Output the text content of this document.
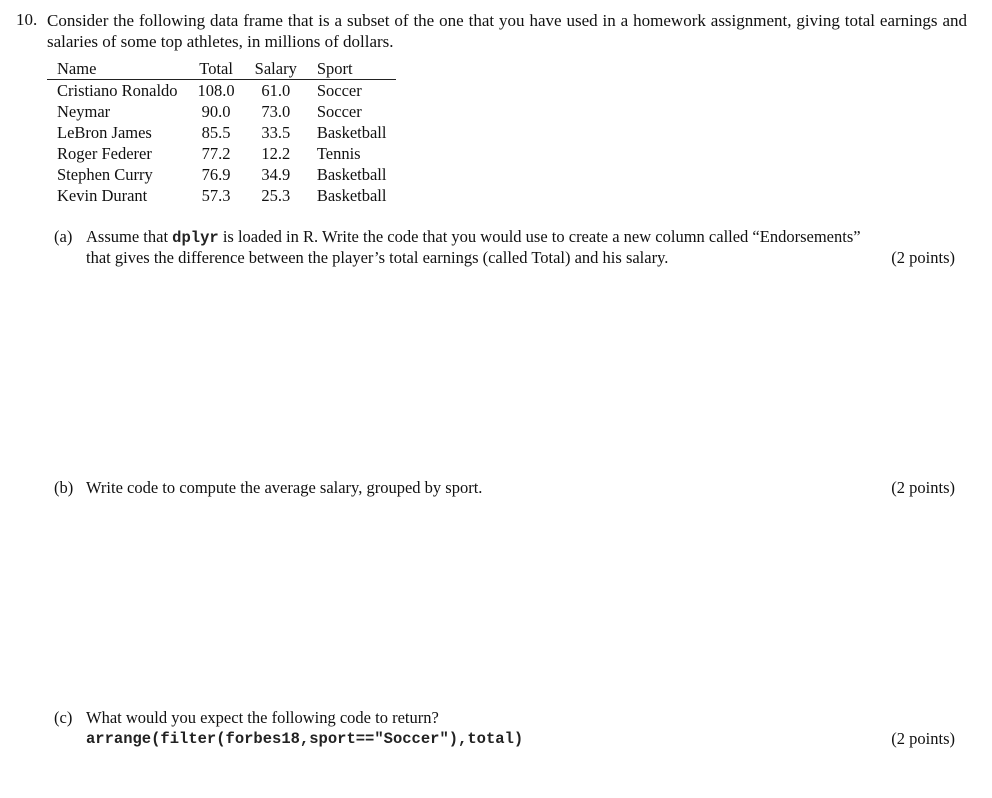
10. Consider the following data frame that is a subset of the one that you have used in a homework assignment, giving total earnings and salaries of some top athletes, in millions of dollars.
Name	Total	Salary	Sport
Cristiano Ronaldo	108.0	61.0	Soccer
Neymar	90.0	73.0	Soccer
LeBron James	85.5	33.5	Basketball
Roger Federer	77.2	12.2	Tennis
Stephen Curry	76.9	34.9	Basketball
Kevin Durant	57.3	25.3	Basketball
(a) Assume that dplyr is loaded in R. Write the code that you would use to create a new column called “Endorsements”
that gives the difference between the player’s total earnings (called Total) and his salary.	(2 points)
(b) Write code to compute the average salary, grouped by sport.	(2 points)
(c) What would you expect the following code to return?
arrange(filter(forbes18,sport=="Soccer"),total)	(2 points)
